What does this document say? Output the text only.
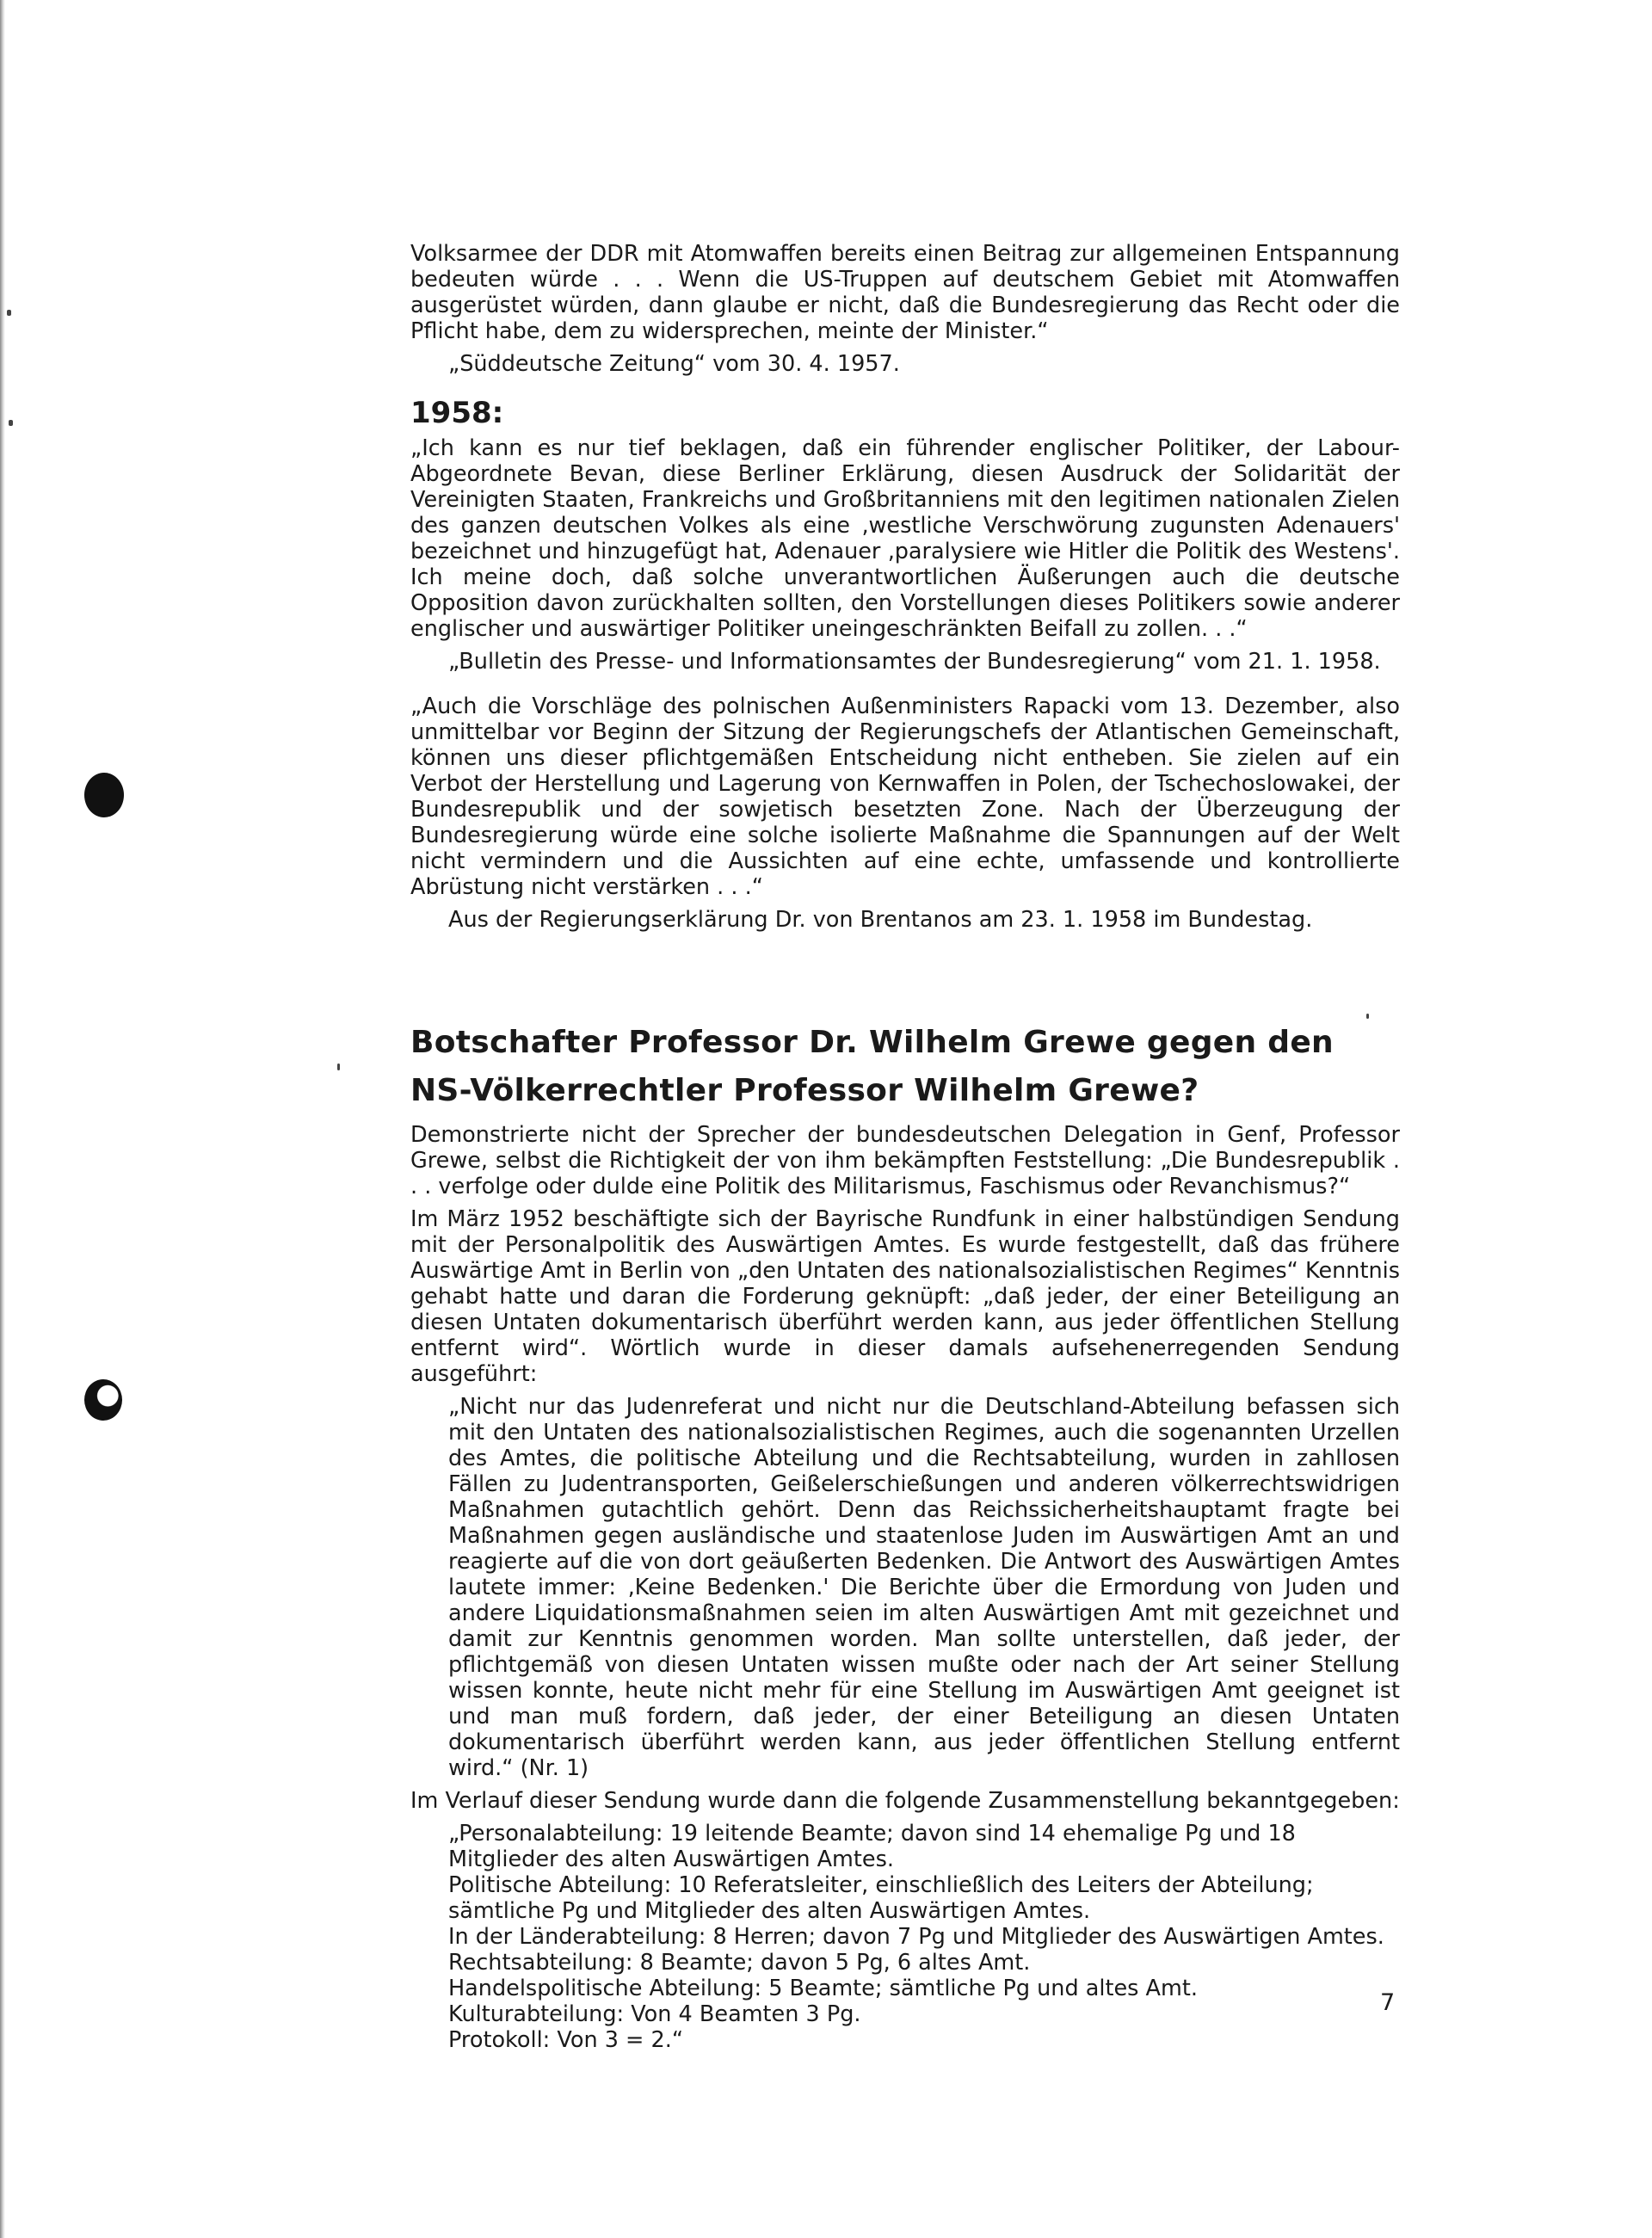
Volksarmee der DDR mit Atomwaffen bereits einen Beitrag zur allgemeinen Entspannung bedeuten würde . . . Wenn die US-Truppen auf deutschem Gebiet mit Atomwaffen ausgerüstet würden, dann glaube er nicht, daß die Bundesregierung das Recht oder die Pflicht habe, dem zu widersprechen, meinte der Minister.“

„Süddeutsche Zeitung“ vom 30. 4. 1957.

1958:

„Ich kann es nur tief beklagen, daß ein führender englischer Politiker, der Labour-Abgeordnete Bevan, diese Berliner Erklärung, diesen Ausdruck der Solidarität der Vereinigten Staaten, Frankreichs und Großbritanniens mit den legitimen nationalen Zielen des ganzen deutschen Volkes als eine ‚westliche Verschwörung zugunsten Adenauers' bezeichnet und hinzugefügt hat, Adenauer ‚paralysiere wie Hitler die Politik des Westens'. Ich meine doch, daß solche unverantwortlichen Äußerungen auch die deutsche Opposition davon zurückhalten sollten, den Vorstellungen dieses Politikers sowie anderer englischer und auswärtiger Politiker uneingeschränkten Beifall zu zollen. . .“

„Bulletin des Presse- und Informationsamtes der Bundesregierung“ vom 21. 1. 1958.

„Auch die Vorschläge des polnischen Außenministers Rapacki vom 13. Dezember, also unmittelbar vor Beginn der Sitzung der Regierungschefs der Atlantischen Gemeinschaft, können uns dieser pflichtgemäßen Entscheidung nicht entheben. Sie zielen auf ein Verbot der Herstellung und Lagerung von Kernwaffen in Polen, der Tschechoslowakei, der Bundesrepublik und der sowjetisch besetzten Zone. Nach der Überzeugung der Bundesregierung würde eine solche isolierte Maßnahme die Spannungen auf der Welt nicht vermindern und die Aussichten auf eine echte, umfassende und kontrollierte Abrüstung nicht verstärken . . .“

Aus der Regierungserklärung Dr. von Brentanos am 23. 1. 1958 im Bundestag.

Botschafter Professor Dr. Wilhelm Grewe gegen den
NS-Völkerrechtler Professor Wilhelm Grewe?

Demonstrierte nicht der Sprecher der bundesdeutschen Delegation in Genf, Professor Grewe, selbst die Richtigkeit der von ihm bekämpften Feststellung: „Die Bundesrepublik . . . verfolge oder dulde eine Politik des Militarismus, Faschismus oder Revanchismus?“

Im März 1952 beschäftigte sich der Bayrische Rundfunk in einer halbstündigen Sendung mit der Personalpolitik des Auswärtigen Amtes. Es wurde festgestellt, daß das frühere Auswärtige Amt in Berlin von „den Untaten des nationalsozialistischen Regimes“ Kenntnis gehabt hatte und daran die Forderung geknüpft: „daß jeder, der einer Beteiligung an diesen Untaten dokumentarisch überführt werden kann, aus jeder öffentlichen Stellung entfernt wird“. Wörtlich wurde in dieser damals aufsehenerregenden Sendung ausgeführt:

„Nicht nur das Judenreferat und nicht nur die Deutschland-Abteilung befassen sich mit den Untaten des nationalsozialistischen Regimes, auch die sogenannten Urzellen des Amtes, die politische Abteilung und die Rechtsabteilung, wurden in zahllosen Fällen zu Judentransporten, Geißelerschießungen und anderen völkerrechtswidrigen Maßnahmen gutachtlich gehört. Denn das Reichssicherheitshauptamt fragte bei Maßnahmen gegen ausländische und staatenlose Juden im Auswärtigen Amt an und reagierte auf die von dort geäußerten Bedenken. Die Antwort des Auswärtigen Amtes lautete immer: ‚Keine Bedenken.' Die Berichte über die Ermordung von Juden und andere Liquidationsmaßnahmen seien im alten Auswärtigen Amt mit gezeichnet und damit zur Kenntnis genommen worden. Man sollte unterstellen, daß jeder, der pflichtgemäß von diesen Untaten wissen mußte oder nach der Art seiner Stellung wissen konnte, heute nicht mehr für eine Stellung im Auswärtigen Amt geeignet ist und man muß fordern, daß jeder, der einer Beteiligung an diesen Untaten dokumentarisch überführt werden kann, aus jeder öffentlichen Stellung entfernt wird.“ (Nr. 1)

Im Verlauf dieser Sendung wurde dann die folgende Zusammenstellung bekanntgegeben:

„Personalabteilung: 19 leitende Beamte; davon sind 14 ehemalige Pg und 18 Mitglieder des alten Auswärtigen Amtes.
Politische Abteilung: 10 Referatsleiter, einschließlich des Leiters der Abteilung; sämtliche Pg und Mitglieder des alten Auswärtigen Amtes.
In der Länderabteilung: 8 Herren; davon 7 Pg und Mitglieder des Auswärtigen Amtes.
Rechtsabteilung: 8 Beamte; davon 5 Pg, 6 altes Amt.
Handelspolitische Abteilung: 5 Beamte; sämtliche Pg und altes Amt.
Kulturabteilung: Von 4 Beamten 3 Pg.
Protokoll: Von 3 = 2.“
7
